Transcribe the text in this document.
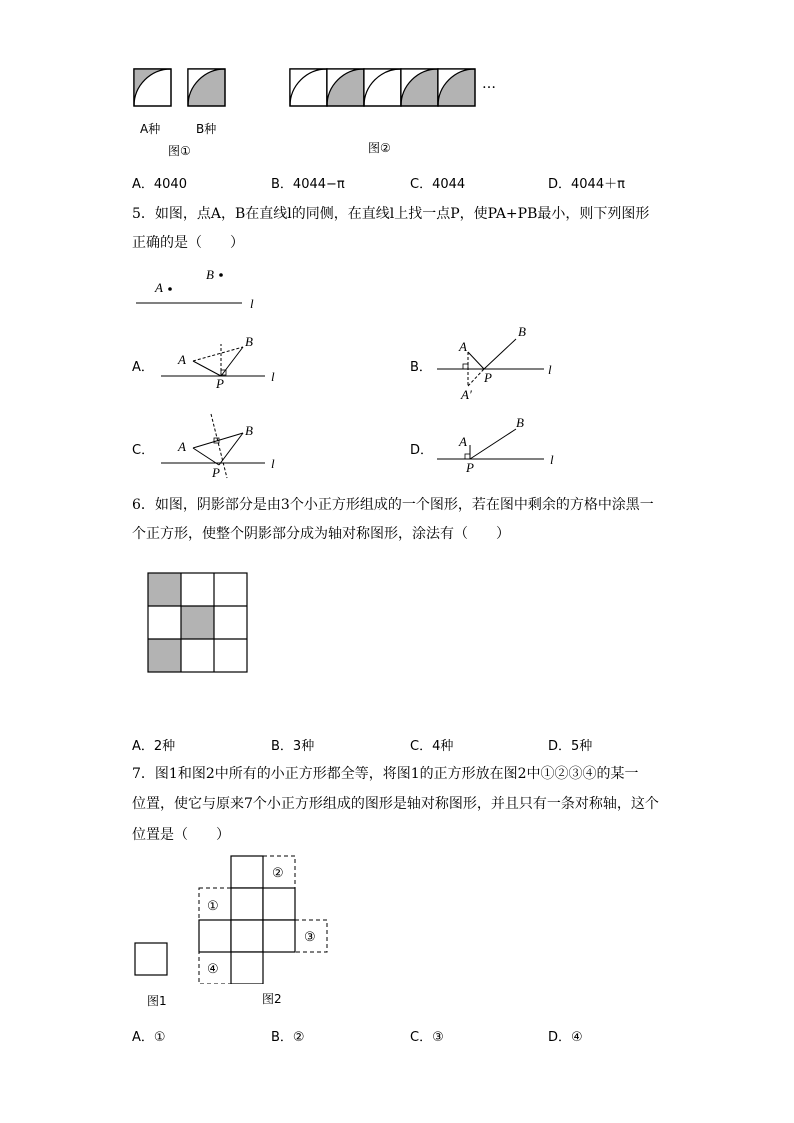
…
A种	B种
图①	图②
A．4040	B．4044−π	C．4044	D．4044＋π
5．如图，点A，B在直线l的同侧，在直线l上找一点P，使PA+PB最小，则下列图形
正确的是（　　）
B
A
l
A．
A
B
P	l
B．
A
B
P
A′
l
C． A
B
P
l
D．
A
B
P
l
6．如图，阴影部分是由3个小正方形组成的一个图形，若在图中剩余的方格中涂黑一
个正方形，使整个阴影部分成为轴对称图形，涂法有（　　）
A．2种	B．3种	C．4种	D．5种
7．图1和图2中所有的小正方形都全等，将图1的正方形放在图2中①②③④的某一
位置，使它与原来7个小正方形组成的图形是轴对称图形，并且只有一条对称轴，这个
位置是（　　）
图1
①
②
③
④
图2
A．①	B．②	C．③	D．④
